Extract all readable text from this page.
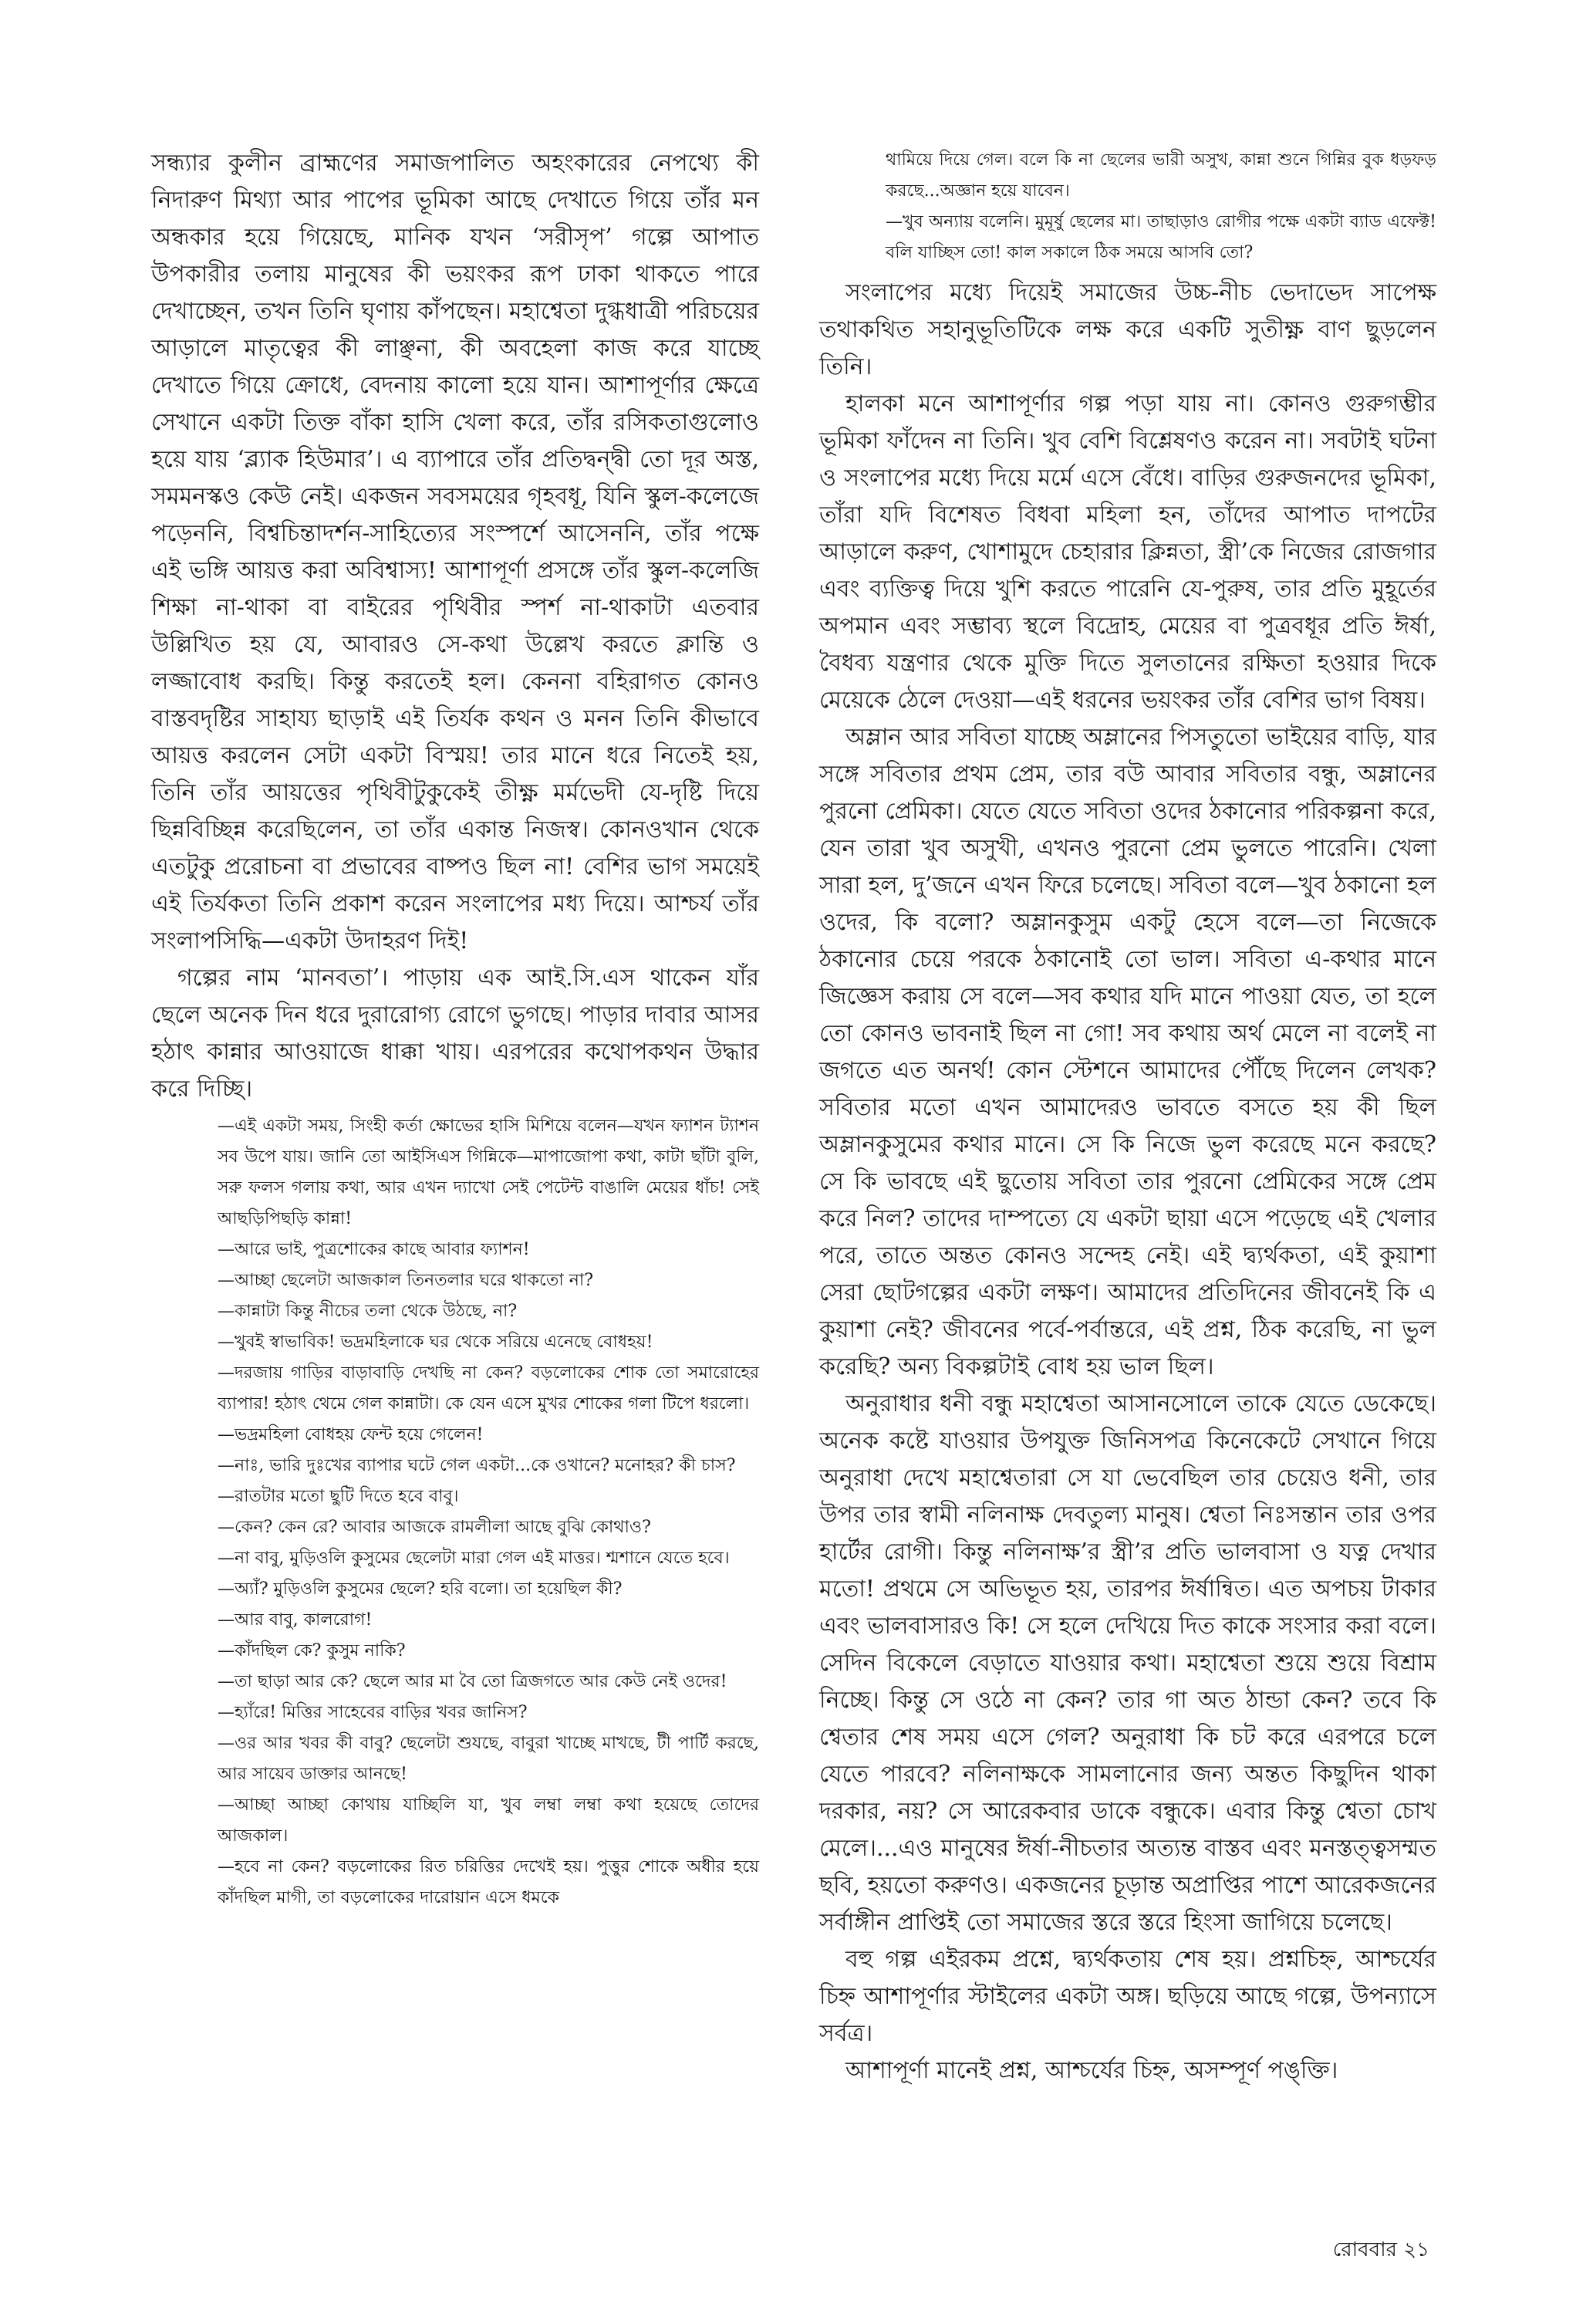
সন্ধ্যার কুলীন ব্রাহ্মণের সমাজপালিত অহংকারের নেপথ্যে কী নিদারুণ মিথ্যা আর পাপের ভূমিকা আছে দেখাতে গিয়ে তাঁর মন অন্ধকার হয়ে গিয়েছে, মানিক যখন ‘সরীসৃপ’ গল্পে আপাত উপকারীর তলায় মানুষের কী ভয়ংকর রূপ ঢাকা থাকতে পারে দেখাচ্ছেন, তখন তিনি ঘৃণায় কাঁপছেন। মহাশ্বেতা দুগ্ধধাত্রী পরিচয়ের আড়ালে মাতৃত্বের কী লাঞ্ছনা, কী অবহেলা কাজ করে যাচ্ছে দেখাতে গিয়ে ক্রোধে, বেদনায় কালো হয়ে যান। আশাপূর্ণার ক্ষেত্রে সেখানে একটা তিক্ত বাঁকা হাসি খেলা করে, তাঁর রসিকতাগুলোও হয়ে যায় ‘ব্ল্যাক হিউমার’। এ ব্যাপারে তাঁর প্রতিদ্বন্দ্বী তো দূর অস্ত, সমমনস্কও কেউ নেই। একজন সবসময়ের গৃহবধূ, যিনি স্কুল-কলেজে পড়েননি, বিশ্বচিন্তাদর্শন-সাহিত্যের সংস্পর্শে আসেননি, তাঁর পক্ষে এই ভঙ্গি আয়ত্ত করা অবিশ্বাস্য! আশাপূর্ণা প্রসঙ্গে তাঁর স্কুল-কলেজি শিক্ষা না-থাকা বা বাইরের পৃথিবীর স্পর্শ না-থাকাটা এতবার উল্লিখিত হয় যে, আবারও সে-কথা উল্লেখ করতে ক্লান্তি ও লজ্জাবোধ করছি। কিন্তু করতেই হল। কেননা বহিরাগত কোনও বাস্তবদৃষ্টির সাহায্য ছাড়াই এই তির্যক কথন ও মনন তিনি কীভাবে আয়ত্ত করলেন সেটা একটা বিস্ময়! তার মানে ধরে নিতেই হয়, তিনি তাঁর আয়ত্তের পৃথিবীটুকুকেই তীক্ষ্ণ মর্মভেদী যে-দৃষ্টি দিয়ে ছিন্নবিচ্ছিন্ন করেছিলেন, তা তাঁর একান্ত নিজস্ব। কোনওখান থেকে এতটুকু প্ররোচনা বা প্রভাবের বাষ্পও ছিল না! বেশির ভাগ সময়েই এই তির্যকতা তিনি প্রকাশ করেন সংলাপের মধ্য দিয়ে। আশ্চর্য তাঁর সংলাপসিদ্ধি—একটা উদাহরণ দিই!

গল্পের নাম ‘মানবতা’। পাড়ায় এক আই.সি.এস থাকেন যাঁর ছেলে অনেক দিন ধরে দুরারোগ্য রোগে ভুগছে। পাড়ার দাবার আসর হঠাৎ কান্নার আওয়াজে ধাক্কা খায়। এরপরের কথোপকথন উদ্ধার করে দিচ্ছি।

—এই একটা সময়, সিংহী কর্তা ক্ষোভের হাসি মিশিয়ে বলেন—যখন ফ্যাশন ট্যাশন সব উপে যায়। জানি তো আইসিএস গিন্নিকে—মাপাজোপা কথা, কাটা ছাঁটা বুলি, সরু ফলস গলায় কথা, আর এখন দ্যাখো সেই পেটেন্ট বাঙালি মেয়ের ধাঁচ! সেই আছড়িপিছড়ি কান্না!

—আরে ভাই, পুত্রশোকের কাছে আবার ফ্যাশন!

—আচ্ছা ছেলেটা আজকাল তিনতলার ঘরে থাকতো না?

—কান্নাটা কিন্তু নীচের তলা থেকে উঠছে, না?

—খুবই স্বাভাবিক! ভদ্রমহিলাকে ঘর থেকে সরিয়ে এনেছে বোধহয়!

—দরজায় গাড়ির বাড়াবাড়ি দেখছি না কেন? বড়লোকের শোক তো সমারোহের ব্যাপার! হঠাৎ থেমে গেল কান্নাটা। কে যেন এসে মুখর শোকের গলা টিপে ধরলো।

—ভদ্রমহিলা বোধহয় ফেন্ট হয়ে গেলেন!

—নাঃ, ভারি দুঃখের ব্যাপার ঘটে গেল একটা...কে ওখানে? মনোহর? কী চাস?

—রাতটার মতো ছুটি দিতে হবে বাবু।

—কেন? কেন রে? আবার আজকে রামলীলা আছে বুঝি কোথাও?

—না বাবু, মুড়িওলি কুসুমের ছেলেটা মারা গেল এই মাত্তর। শ্মশানে যেতে হবে।

—অ্যাঁ? মুড়িওলি কুসুমের ছেলে? হরি বলো। তা হয়েছিল কী?

—আর বাবু, কালরোগ!

—কাঁদছিল কে? কুসুম নাকি?

—তা ছাড়া আর কে? ছেলে আর মা বৈ তো ত্রিজগতে আর কেউ নেই ওদের!

—হ্যাঁরে! মিত্তির সাহেবের বাড়ির খবর জানিস?

—ওর আর খবর কী বাবু? ছেলেটা শুযছে, বাবুরা খাচ্ছে মাখছে, টী পার্টি করছে, আর সায়েব ডাক্তার আনছে!

—আচ্ছা আচ্ছা কোথায় যাচ্ছিলি যা, খুব লম্বা লম্বা কথা হয়েছে তোদের আজকাল।

—হবে না কেন? বড়লোকের রিত চরিত্তির দেখেই হয়। পুত্তুর শোকে অধীর হয়ে কাঁদছিল মাগী, তা বড়লোকের দারোয়ান এসে ধমকে

থামিয়ে দিয়ে গেল। বলে কি না ছেলের ভারী অসুখ, কান্না শুনে গিন্নির বুক ধড়ফড় করছে...অজ্ঞান হয়ে যাবেন।

—খুব অন্যায় বলেনি। মুমূর্ষু ছেলের মা। তাছাড়াও রোগীর পক্ষে একটা ব্যাড এফেক্ট! বলি যাচ্ছিস তো! কাল সকালে ঠিক সময়ে আসবি তো?

সংলাপের মধ্যে দিয়েই সমাজের উচ্চ-নীচ ভেদাভেদ সাপেক্ষ তথাকথিত সহানুভূতিটিকে লক্ষ করে একটি সুতীক্ষ্ণ বাণ ছুড়লেন তিনি।

হালকা মনে আশাপূর্ণার গল্প পড়া যায় না। কোনও গুরুগম্ভীর ভূমিকা ফাঁদেন না তিনি। খুব বেশি বিশ্লেষণও করেন না। সবটাই ঘটনা ও সংলাপের মধ্যে দিয়ে মর্মে এসে বেঁধে। বাড়ির গুরুজনদের ভূমিকা, তাঁরা যদি বিশেষত বিধবা মহিলা হন, তাঁদের আপাত দাপটের আড়ালে করুণ, খোশামুদে চেহারার ক্লিন্নতা, স্ত্রী’কে নিজের রোজগার এবং ব্যক্তিত্ব দিয়ে খুশি করতে পারেনি যে-পুরুষ, তার প্রতি মুহূর্তের অপমান এবং সম্ভাব্য স্থলে বিদ্রোহ, মেয়ের বা পুত্রবধূর প্রতি ঈর্ষা, বৈধব্য যন্ত্রণার থেকে মুক্তি দিতে সুলতানের রক্ষিতা হওয়ার দিকে মেয়েকে ঠেলে দেওয়া—এই ধরনের ভয়ংকর তাঁর বেশির ভাগ বিষয়।

অম্লান আর সবিতা যাচ্ছে অম্লানের পিসতুতো ভাইয়ের বাড়ি, যার সঙ্গে সবিতার প্রথম প্রেম, তার বউ আবার সবিতার বন্ধু, অম্লানের পুরনো প্রেমিকা। যেতে যেতে সবিতা ওদের ঠকানোর পরিকল্পনা করে, যেন তারা খুব অসুখী, এখনও পুরনো প্রেম ভুলতে পারেনি। খেলা সারা হল, দু’জনে এখন ফিরে চলেছে। সবিতা বলে—খুব ঠকানো হল ওদের, কি বলো? অম্লানকুসুম একটু হেসে বলে—তা নিজেকে ঠকানোর চেয়ে পরকে ঠকানোই তো ভাল। সবিতা এ-কথার মানে জিজ্ঞেস করায় সে বলে—সব কথার যদি মানে পাওয়া যেত, তা হলে তো কোনও ভাবনাই ছিল না গো! সব কথায় অর্থ মেলে না বলেই না জগতে এত অনর্থ! কোন স্টেশনে আমাদের পৌঁছে দিলেন লেখক? সবিতার মতো এখন আমাদেরও ভাবতে বসতে হয় কী ছিল অম্লানকুসুমের কথার মানে। সে কি নিজে ভুল করেছে মনে করছে? সে কি ভাবছে এই ছুতোয় সবিতা তার পুরনো প্রেমিকের সঙ্গে প্রেম করে নিল? তাদের দাম্পত্যে যে একটা ছায়া এসে পড়েছে এই খেলার পরে, তাতে অন্তত কোনও সন্দেহ নেই। এই দ্ব্যর্থকতা, এই কুয়াশা সেরা ছোটগল্পের একটা লক্ষণ। আমাদের প্রতিদিনের জীবনেই কি এ কুয়াশা নেই? জীবনের পর্বে-পর্বান্তরে, এই প্রশ্ন, ঠিক করেছি, না ভুল করেছি? অন্য বিকল্পটাই বোধ হয় ভাল ছিল।

অনুরাধার ধনী বন্ধু মহাশ্বেতা আসানসোলে তাকে যেতে ডেকেছে। অনেক কষ্টে যাওয়ার উপযুক্ত জিনিসপত্র কিনেকেটে সেখানে গিয়ে অনুরাধা দেখে মহাশ্বেতারা সে যা ভেবেছিল তার চেয়েও ধনী, তার উপর তার স্বামী নলিনাক্ষ দেবতুল্য মানুষ। শ্বেতা নিঃসন্তান তার ওপর হার্টের রোগী। কিন্তু নলিনাক্ষ’র স্ত্রী’র প্রতি ভালবাসা ও যত্ন দেখার মতো! প্রথমে সে অভিভূত হয়, তারপর ঈর্ষান্বিত। এত অপচয় টাকার এবং ভালবাসারও কি! সে হলে দেখিয়ে দিত কাকে সংসার করা বলে। সেদিন বিকেলে বেড়াতে যাওয়ার কথা। মহাশ্বেতা শুয়ে শুয়ে বিশ্রাম নিচ্ছে। কিন্তু সে ওঠে না কেন? তার গা অত ঠান্ডা কেন? তবে কি শ্বেতার শেষ সময় এসে গেল? অনুরাধা কি চট করে এরপরে চলে যেতে পারবে? নলিনাক্ষকে সামলানোর জন্য অন্তত কিছুদিন থাকা দরকার, নয়? সে আরেকবার ডাকে বন্ধুকে। এবার কিন্তু শ্বেতা চোখ মেলে।...এও মানুষের ঈর্ষা-নীচতার অত্যন্ত বাস্তব এবং মনস্তত্ত্বসম্মত ছবি, হয়তো করুণও। একজনের চূড়ান্ত অপ্রাপ্তির পাশে আরেকজনের সর্বাঙ্গীন প্রাপ্তিই তো সমাজের স্তরে স্তরে হিংসা জাগিয়ে চলেছে।

বহু গল্প এইরকম প্রশ্নে, দ্ব্যর্থকতায় শেষ হয়। প্রশ্নচিহ্ন, আশ্চর্যের চিহ্ন আশাপূর্ণার স্টাইলের একটা অঙ্গ। ছড়িয়ে আছে গল্পে, উপন্যাসে সর্বত্র।

আশাপূর্ণা মানেই প্রশ্ন, আশ্চর্যের চিহ্ন, অসম্পূর্ণ পঙ্‌ক্তি।

রোববার ২১
